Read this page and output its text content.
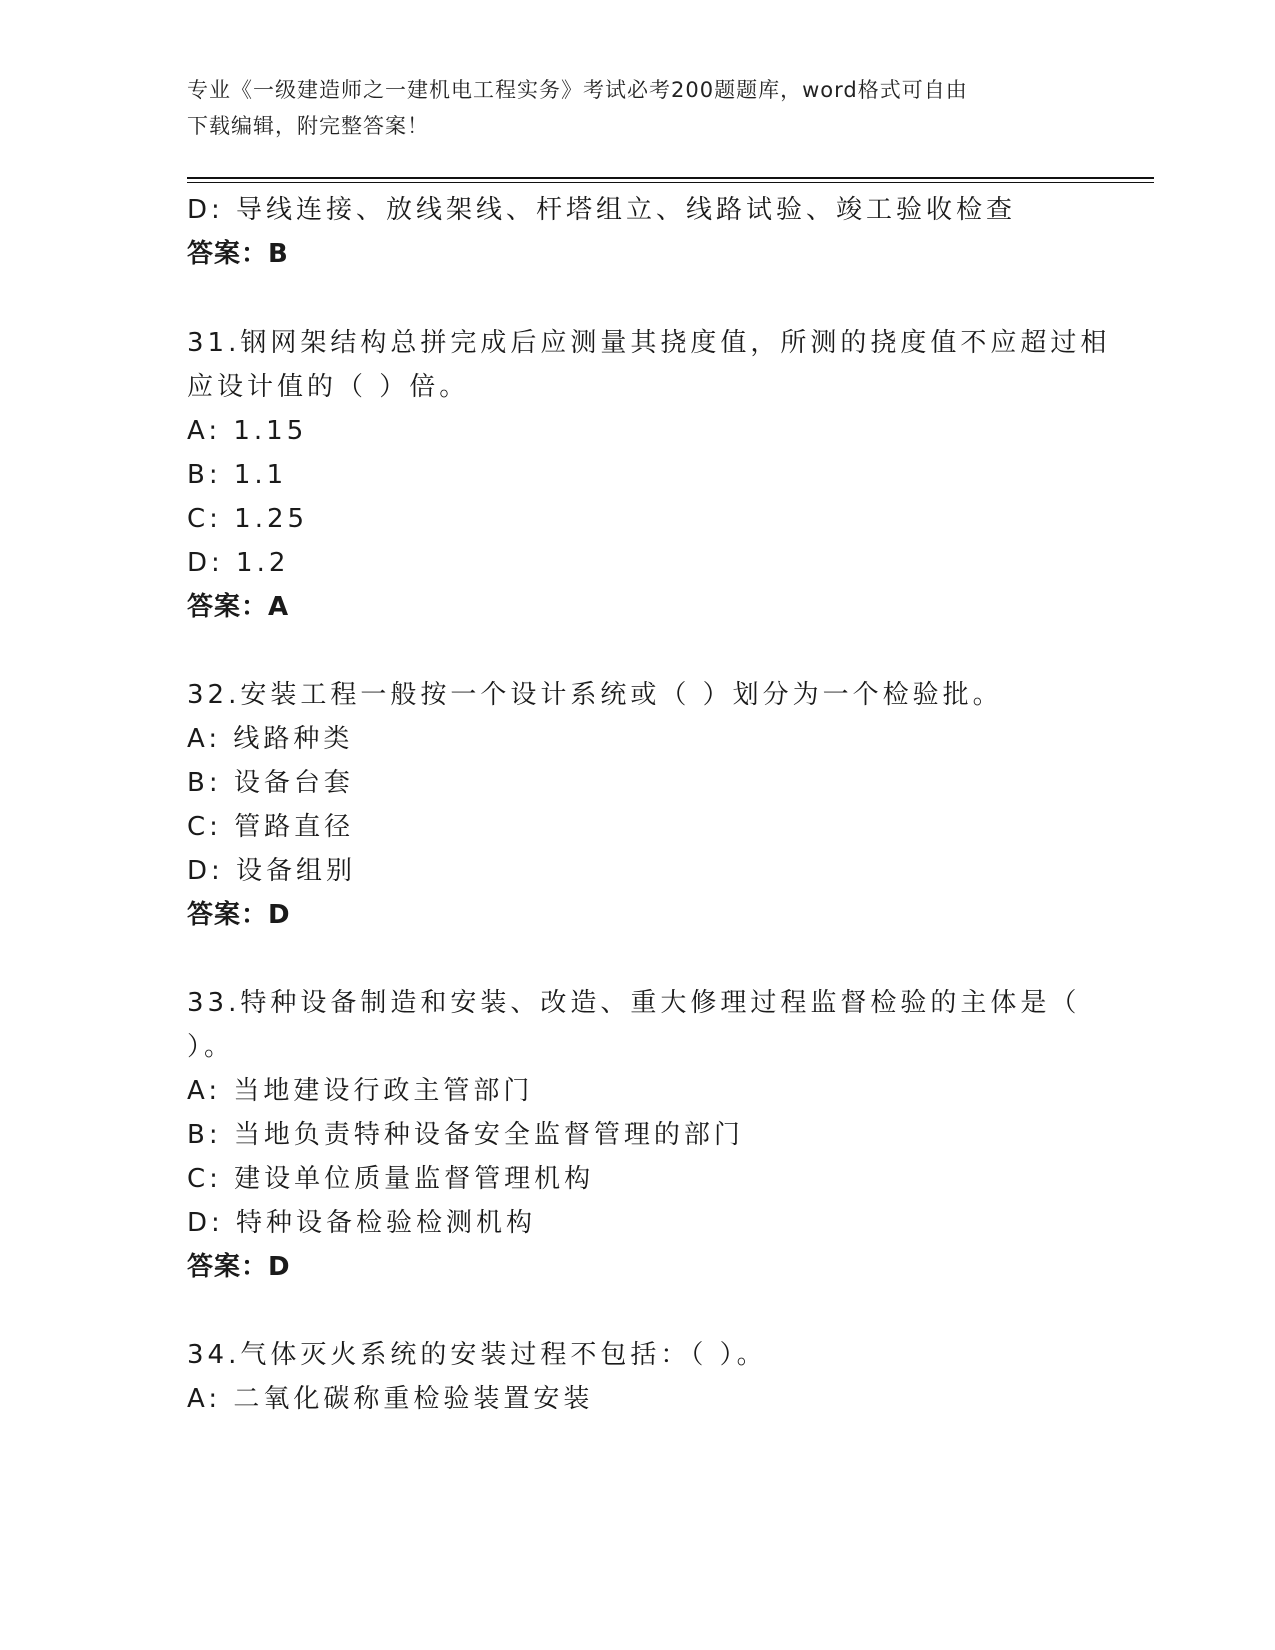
专业《一级建造师之一建机电工程实务》考试必考200题题库，word格式可自由
下载编辑，附完整答案！
D: 导线连接、放线架线、杆塔组立、线路试验、竣工验收检查
答案：B
31.钢网架结构总拼完成后应测量其挠度值，所测的挠度值不应超过相
应设计值的（ ）倍。
A: 1.15
B: 1.1
C: 1.25
D: 1.2
答案：A
32.安装工程一般按一个设计系统或（ ）划分为一个检验批。
A: 线路种类
B: 设备台套
C: 管路直径
D: 设备组别
答案：D
33.特种设备制造和安装、改造、重大修理过程监督检验的主体是（
）。
A: 当地建设行政主管部门
B: 当地负责特种设备安全监督管理的部门
C: 建设单位质量监督管理机构
D: 特种设备检验检测机构
答案：D
34.气体灭火系统的安装过程不包括：（ ）。
A: 二氧化碳称重检验装置安装
